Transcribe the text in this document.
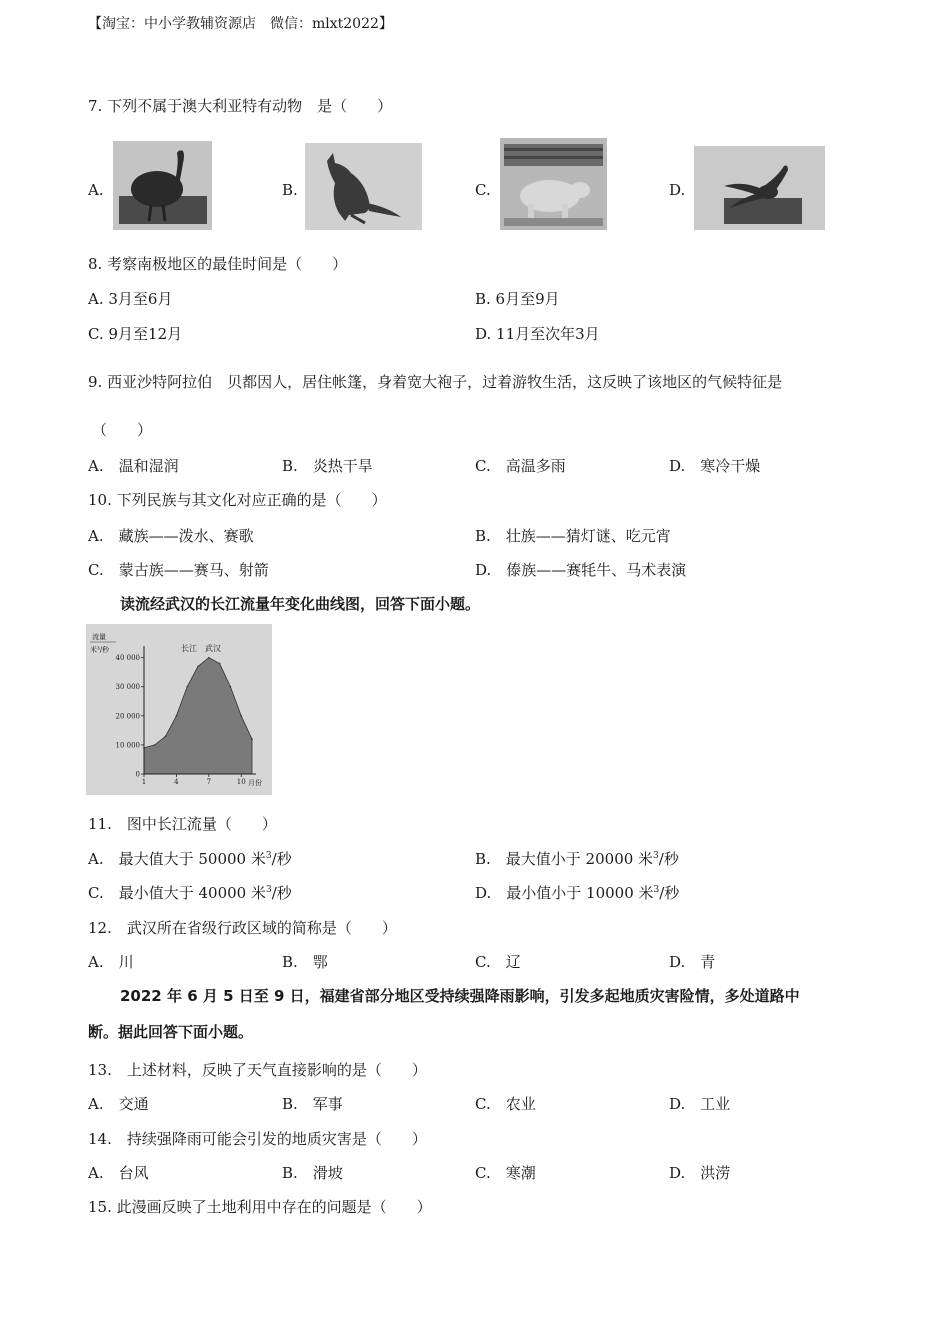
【淘宝：中小学教辅资源店　微信：mlxt2022】
7. 下列不属于澳大利亚特有动物　是（　　）
A.	B.	C.	D.
8. 考察南极地区的最佳时间是（　　）
A. 3月至6月	B. 6月至9月
C. 9月至12月	D. 11月至次年3月
9. 西亚沙特阿拉伯　贝都因人，居住帐篷，身着宽大袍子，过着游牧生活，这反映了该地区的气候特征是
（　　）
A.　温和湿润	B.　炎热干旱	C.　高温多雨	D.　寒冷干燥
10. 下列民族与其文化对应正确的是（　　）
A.　藏族——泼水、赛歌	B.　壮族——猜灯谜、吃元宵
C.　蒙古族——赛马、射箭	D.　傣族——赛牦牛、马术表演
读流经武汉的长江流量年变化曲线图，回答下面小题。
流量
米³/秒	长江　武汉
月份
40 000
30 000
20 000
10 000
0
1	4	7	10
11.　图中长江流量（　　）
A.　最大值大于 50000 米$^3$/秒	B.　最大值小于 20000 米$^3$/秒
C.　最小值大于 40000 米$^3$/秒	D.　最小值小于 10000 米$^3$/秒
12.　武汉所在省级行政区域的简称是（　　）
A.　川	B.　鄂	C.　辽	D.　青
2022 年 6 月 5 日至 9 日，福建省部分地区受持续强降雨影响，引发多起地质灾害险情，多处道路中
断。据此回答下面小题。
13.　上述材料，反映了天气直接影响的是（　　）
A.　交通	B.　军事	C.　农业	D.　工业
14.　持续强降雨可能会引发的地质灾害是（　　）
A.　台风	B.　滑坡	C.　寒潮	D.　洪涝
15. 此漫画反映了土地利用中存在的问题是（　　）
